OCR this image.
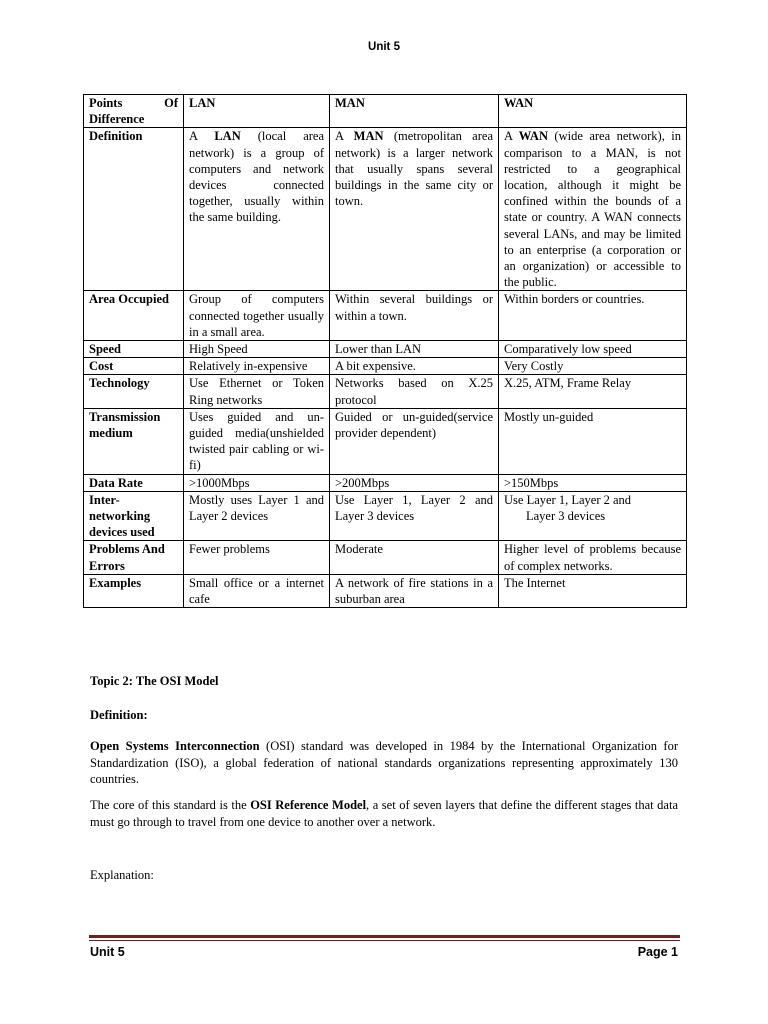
Unit 5
Points Of Difference	LAN	MAN	WAN
Definition	A LAN (local area network) is a group of computers and network devices connected together, usually within the same building.	A MAN (metropolitan area network) is a larger network that usually spans several buildings in the same city or town.	A WAN (wide area network), in comparison to a MAN, is not restricted to a geographical location, although it might be confined within the bounds of a state or country. A WAN connects several LANs, and may be limited to an enterprise (a corporation or an organization) or accessible to the public.
Area Occupied	Group of computers connected together usually in a small area.	Within several buildings or within a town.	Within borders or countries.
Speed	High Speed	Lower than LAN	Comparatively low speed
Cost	Relatively in-expensive	A bit expensive.	Very Costly
Technology	Use Ethernet or Token Ring networks	Networks based on X.25 protocol	X.25, ATM, Frame Relay
Transmission medium	Uses guided and un-guided media(unshielded twisted pair cabling or wi-fi)	Guided or un-guided(service provider dependent)	Mostly un-guided
Data Rate	>1000Mbps	>200Mbps	>150Mbps
Inter-networking devices used	Mostly uses Layer 1 and Layer 2 devices	Use Layer 1, Layer 2 and Layer 3 devices	Use Layer 1, Layer 2 and
Layer 3 devices
Problems And Errors	Fewer problems	Moderate	Higher level of problems because of complex networks.
Examples	Small office or a internet cafe	A network of fire stations in a suburban area	The Internet
Topic 2: The OSI Model
Definition:
Open Systems Interconnection (OSI) standard was developed in 1984 by the International Organization for Standardization (ISO), a global federation of national standards organizations representing approximately 130 countries.
The core of this standard is the OSI Reference Model, a set of seven layers that define the different stages that data must go through to travel from one device to another over a network.
Explanation:
Unit 5	Page 1
